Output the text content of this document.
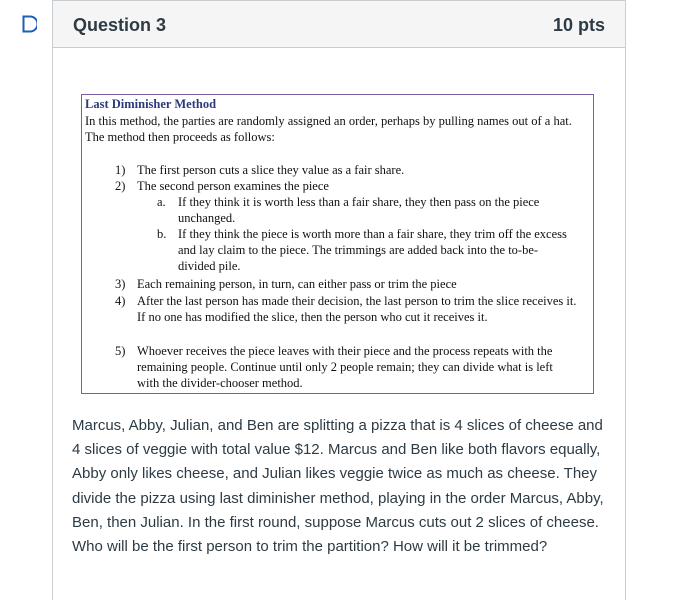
Question 3	10 pts
Last Diminisher Method
In this method, the parties are randomly assigned an order, perhaps by pulling names out of a hat. The method then proceeds as follows:
1) The first person cuts a slice they value as a fair share.
2) The second person examines the piece
a. If they think it is worth less than a fair share, they then pass on the piece unchanged.
b. If they think the piece is worth more than a fair share, they trim off the excess and lay claim to the piece. The trimmings are added back into the to-be-divided pile.
3) Each remaining person, in turn, can either pass or trim the piece
4) After the last person has made their decision, the last person to trim the slice receives it. If no one has modified the slice, then the person who cut it receives it.
5) Whoever receives the piece leaves with their piece and the process repeats with the remaining people. Continue until only 2 people remain; they can divide what is left with the divider-chooser method.
Marcus, Abby, Julian, and Ben are splitting a pizza that is 4 slices of cheese and 4 slices of veggie with total value $12. Marcus and Ben like both flavors equally, Abby only likes cheese, and Julian likes veggie twice as much as cheese. They divide the pizza using last diminisher method, playing in the order Marcus, Abby, Ben, then Julian. In the first round, suppose Marcus cuts out 2 slices of cheese. Who will be the first person to trim the partition? How will it be trimmed?
